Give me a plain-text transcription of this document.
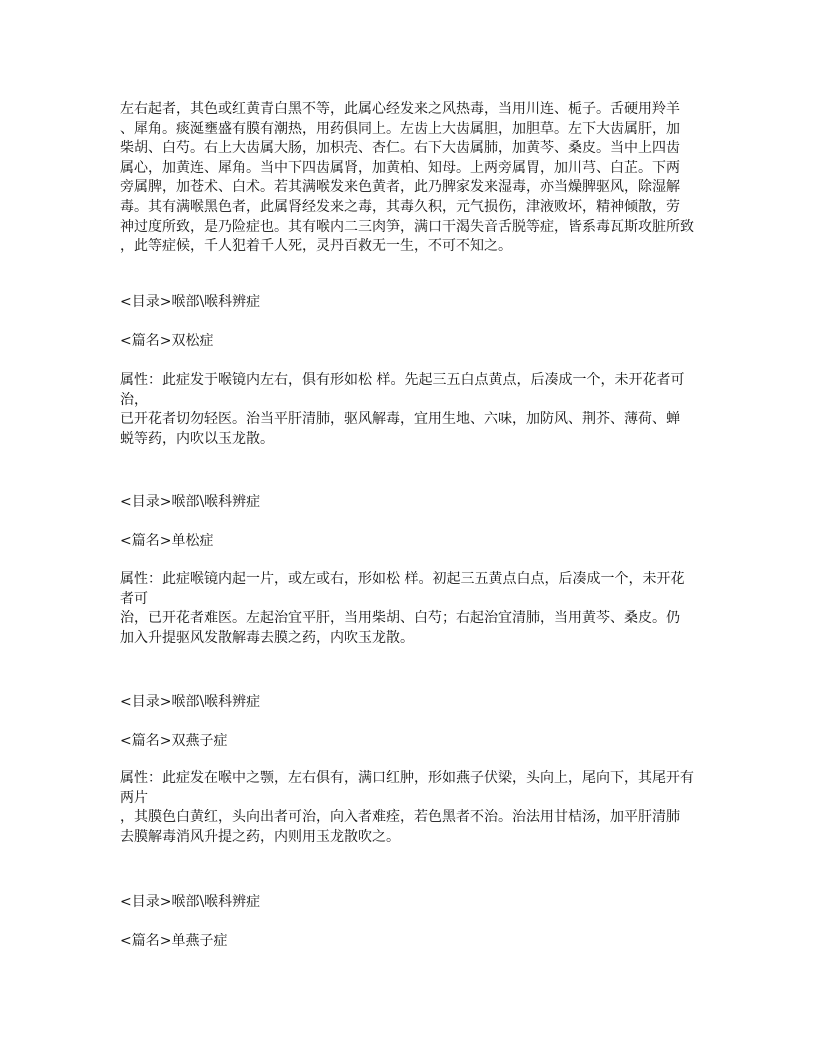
左右起者，其色或红黄青白黑不等，此属心经发来之风热毒，当用川连、栀子。舌硬用羚羊
、犀角。痰涎壅盛有膜有潮热，用药俱同上。左齿上大齿属胆，加胆草。左下大齿属肝，加
柴胡、白芍。右上大齿属大肠，加枳壳、杏仁。右下大齿属肺，加黄芩、桑皮。当中上四齿
属心，加黄连、犀角。当中下四齿属肾，加黄柏、知母。上两旁属胃，加川芎、白芷。下两
旁属脾，加苍术、白术。若其满喉发来色黄者，此乃脾家发来湿毒，亦当燥脾驱风，除湿解
毒。其有满喉黑色者，此属肾经发来之毒，其毒久积，元气损伤，津液败坏，精神倾散，劳
神过度所致，是乃险症也。其有喉内二三肉笋，满口干渴失音舌脱等症，皆系毒瓦斯攻脏所致
，此等症候，千人犯着千人死，灵丹百救无一生，不可不知之。
<目录>喉部\喉科辨症
<篇名>双松症
属性：此症发于喉镜内左右，俱有形如松 样。先起三五白点黄点，后凑成一个，未开花者可
治，
已开花者切勿轻医。治当平肝清肺，驱风解毒，宜用生地、六味，加防风、荆芥、薄荷、蝉
蜕等药，内吹以玉龙散。
<目录>喉部\喉科辨症
<篇名>单松症
属性：此症喉镜内起一片，或左或右，形如松 样。初起三五黄点白点，后凑成一个，未开花
者可
治，已开花者难医。左起治宜平肝，当用柴胡、白芍；右起治宜清肺，当用黄芩、桑皮。仍
加入升提驱风发散解毒去膜之药，内吹玉龙散。
<目录>喉部\喉科辨症
<篇名>双燕子症
属性：此症发在喉中之颚，左右俱有，满口红肿，形如燕子伏梁，头向上，尾向下，其尾开有
两片
，其膜色白黄红，头向出者可治，向入者难痊，若色黑者不治。治法用甘桔汤，加平肝清肺
去膜解毒消风升提之药，内则用玉龙散吹之。
<目录>喉部\喉科辨症
<篇名>单燕子症
